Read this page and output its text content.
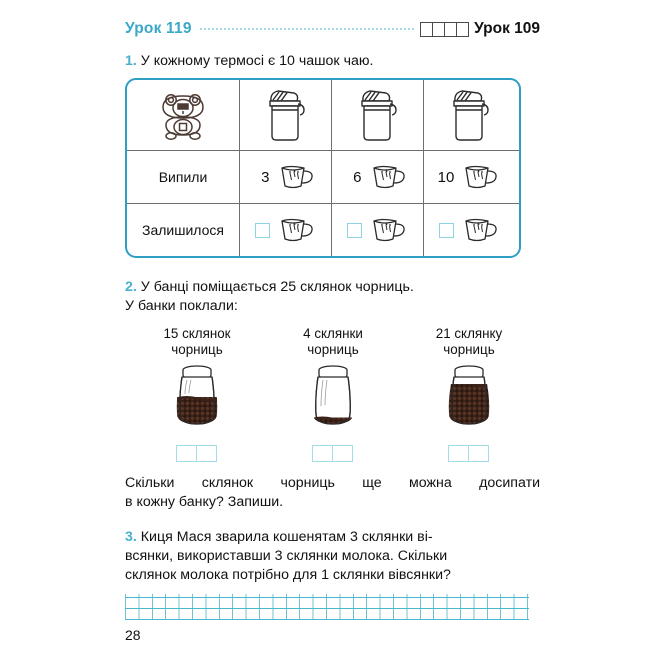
Урок 119	Урок 109
1. У кожному термосі є 10 чашок чаю.
Випили	3	6	10
Залишилося
2. У банці поміщається 25 склянок чорниць.
У банки поклали:
15 склянок
чорниць
4 склянки
чорниць
21 склянку
чорниць
Скільки склянок чорниць ще можна досипати
в кожну банку? Запиши.
3. Киця Мася зварила кошенятам 3 склянки ві-
всянки, використавши 3 склянки молока. Скільки
склянок молока потрібно для 1 склянки вівсянки?
28
